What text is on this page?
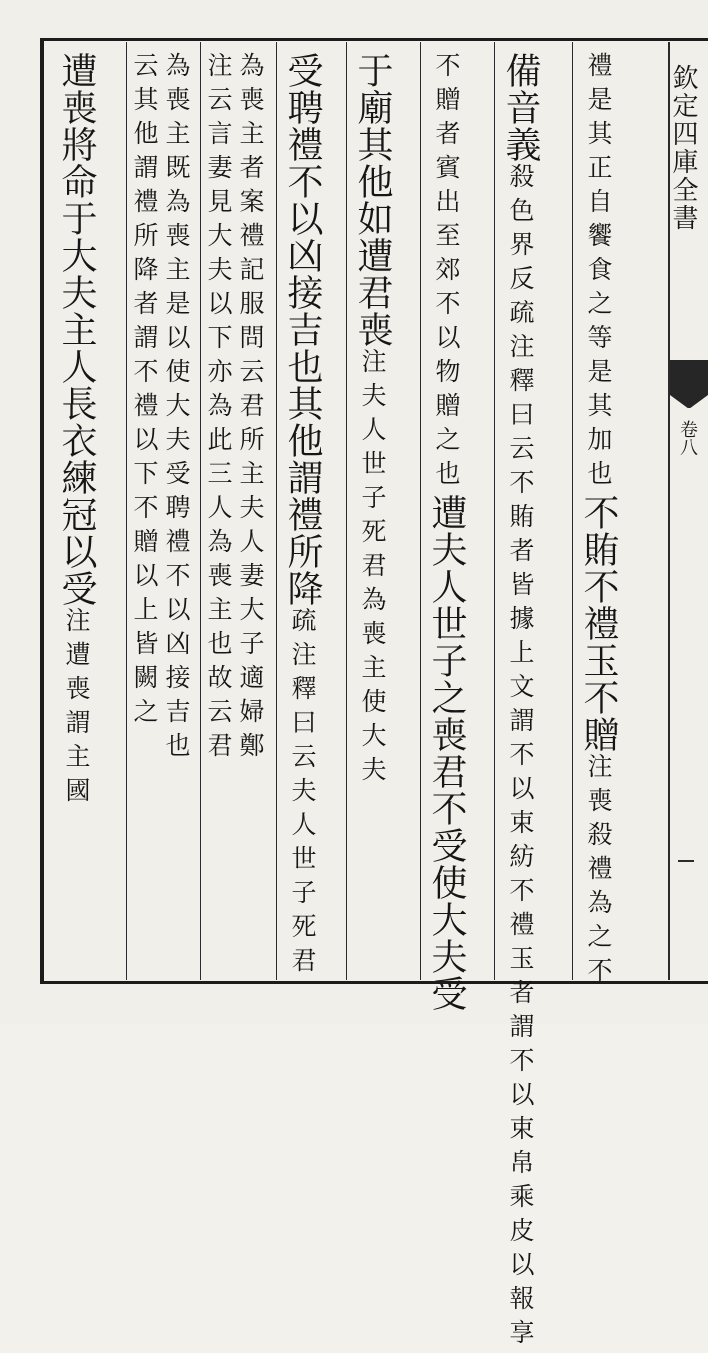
欽定四庫全書
卷八
禮是其正自饗食之等是其加也不賄不禮玉不贈注喪殺禮為之不
備音義殺色界反疏注釋曰云不賄者皆據上文謂不以束紡不禮玉者謂不以束帛乘皮以報享
不贈者賓出至郊不以物贈之也遭夫人世子之喪君不受使大夫受
于廟其他如遭君喪注夫人世子死君為喪主使大夫
受聘禮不以凶接吉也其他謂禮所降疏注釋曰云夫人世子死君
為喪主者案禮記服問云君所主夫人妻大子適婦鄭
注云言妻見大夫以下亦為此三人為喪主也故云君
為喪主既為喪主是以使大夫受聘禮不以凶接吉也
云其他謂禮所降者謂不禮以下不贈以上皆闕之
遭喪將命于大夫主人長衣練冠以受注遭喪謂主國
